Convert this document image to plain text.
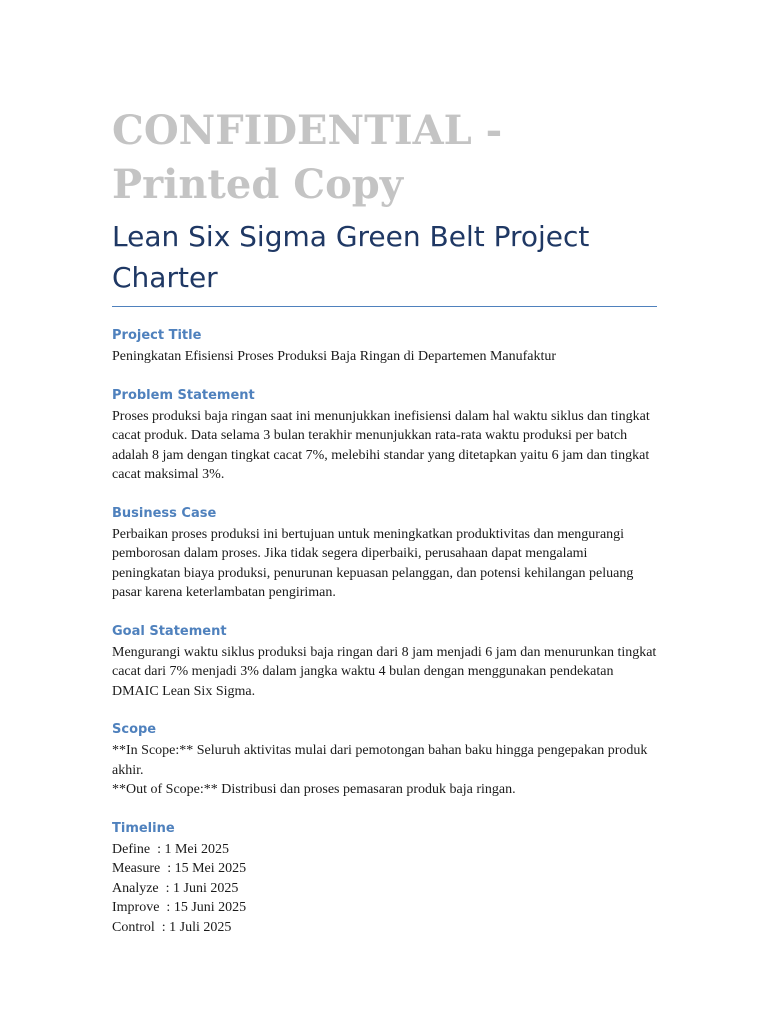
CONFIDENTIAL - Printed Copy
Lean Six Sigma Green Belt Project Charter
Project Title

Peningkatan Efisiensi Proses Produksi Baja Ringan di Departemen Manufaktur

Problem Statement

Proses produksi baja ringan saat ini menunjukkan inefisiensi dalam hal waktu siklus dan tingkat cacat produk. Data selama 3 bulan terakhir menunjukkan rata-rata waktu produksi per batch adalah 8 jam dengan tingkat cacat 7%, melebihi standar yang ditetapkan yaitu 6 jam dan tingkat cacat maksimal 3%.

Business Case

Perbaikan proses produksi ini bertujuan untuk meningkatkan produktivitas dan mengurangi pemborosan dalam proses. Jika tidak segera diperbaiki, perusahaan dapat mengalami peningkatan biaya produksi, penurunan kepuasan pelanggan, dan potensi kehilangan peluang pasar karena keterlambatan pengiriman.

Goal Statement

Mengurangi waktu siklus produksi baja ringan dari 8 jam menjadi 6 jam dan menurunkan tingkat cacat dari 7% menjadi 3% dalam jangka waktu 4 bulan dengan menggunakan pendekatan DMAIC Lean Six Sigma.

Scope

**In Scope:** Seluruh aktivitas mulai dari pemotongan bahan baku hingga pengepakan produk akhir.
**Out of Scope:** Distribusi dan proses pemasaran produk baja ringan.

Timeline

Define  : 1 Mei 2025
Measure  : 15 Mei 2025
Analyze  : 1 Juni 2025
Improve  : 15 Juni 2025
Control  : 1 Juli 2025
